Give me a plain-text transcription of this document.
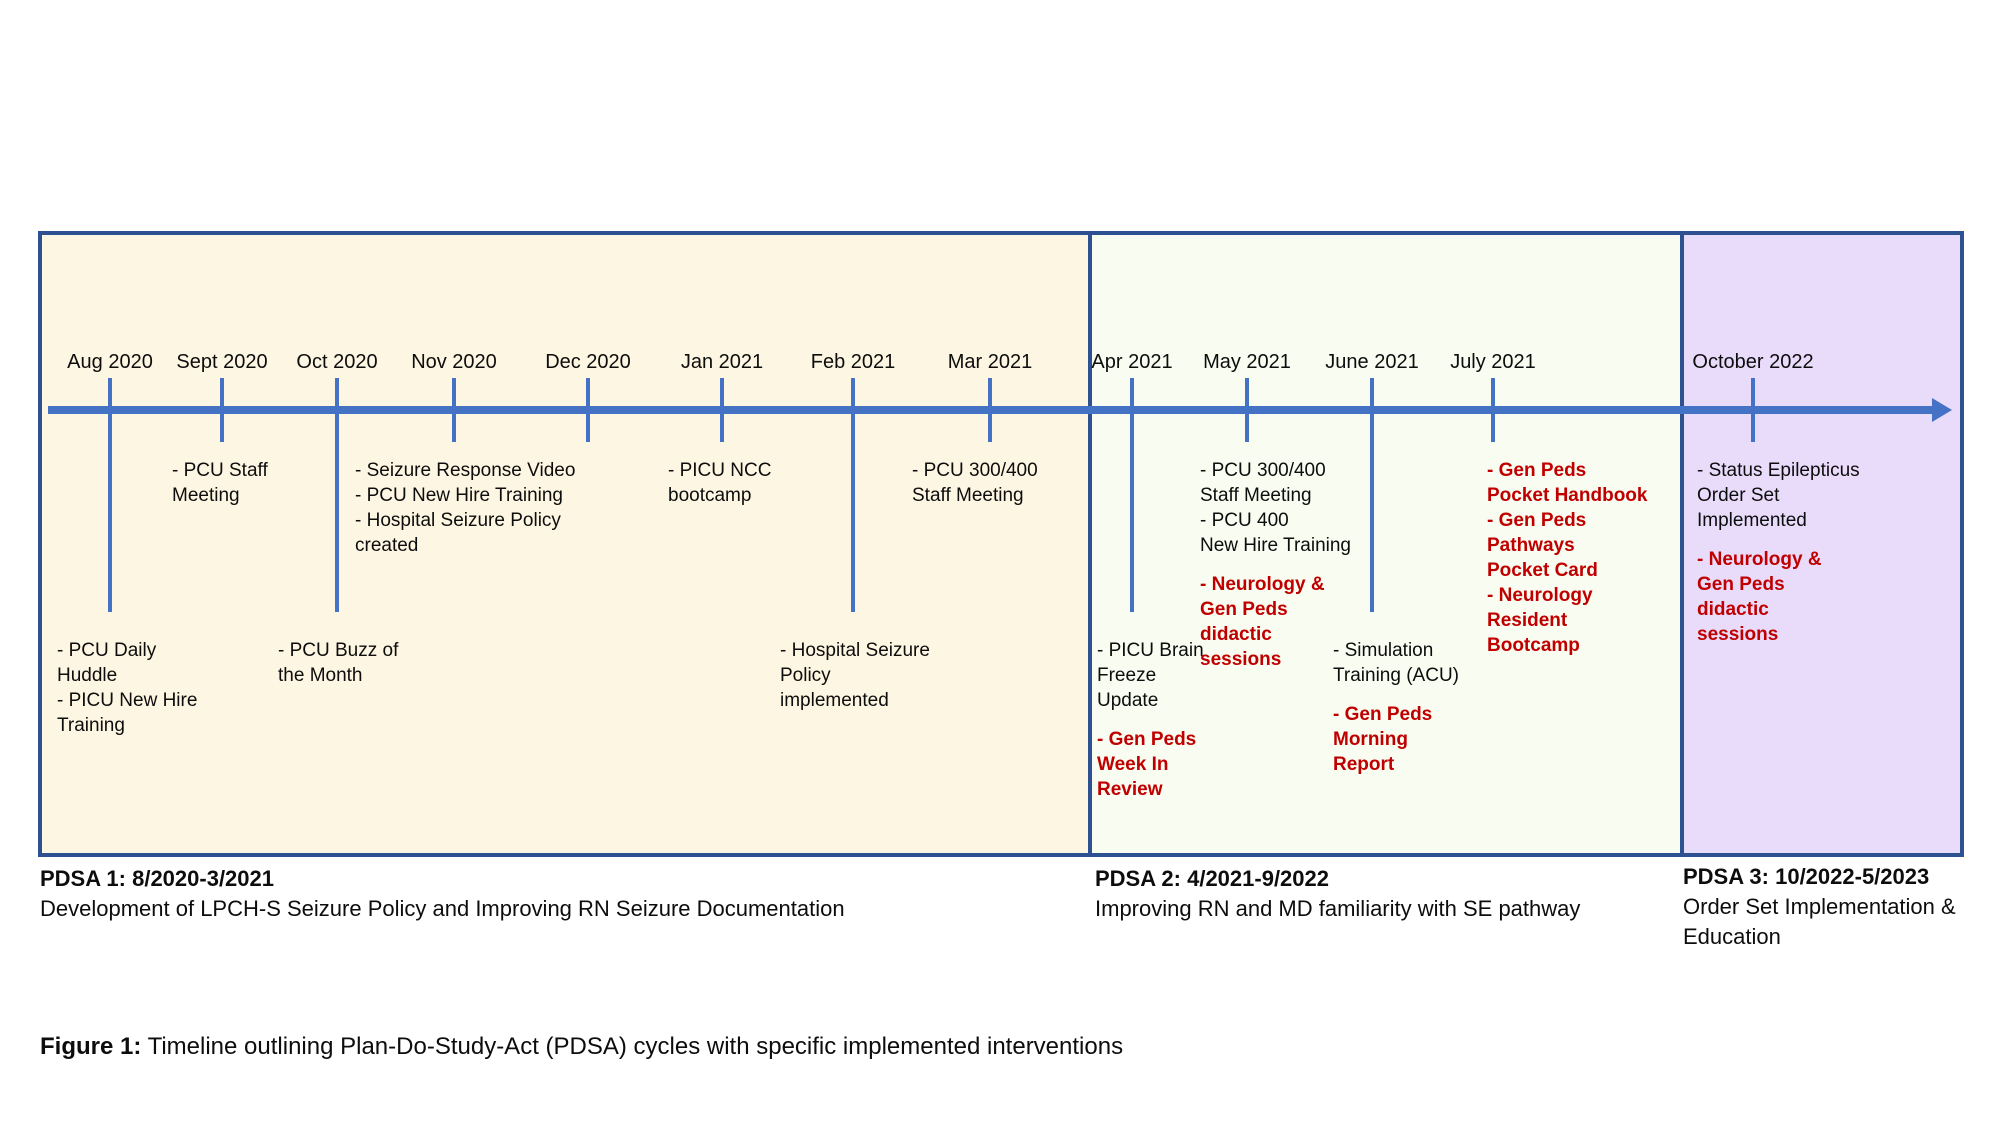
Aug 2020
- PCU Daily
Huddle
- PICU New Hire
Training
Sept 2020
- PCU Staff
Meeting
Oct 2020
- PCU Buzz of
the Month
Nov 2020
- Seizure Response Video
- PCU New Hire Training
- Hospital Seizure Policy
created
Dec 2020	Jan 2021
- PICU NCC
bootcamp
Feb 2021
- Hospital Seizure
Policy
implemented
Mar 2021
- PCU 300/400
Staff Meeting
Apr 2021
- PICU Brain
Freeze
Update
- Gen Peds
Week In
Review
May 2021
- PCU 300/400
Staff Meeting
- PCU 400
New Hire Training
- Neurology &
Gen Peds
didactic
sessions
June 2021
- Simulation
Training (ACU)
- Gen Peds
Morning
Report
July 2021
- Gen Peds
Pocket Handbook
- Gen Peds
Pathways
Pocket Card
- Neurology
Resident
Bootcamp
October 2022
- Status Epilepticus
Order Set
Implemented
- Neurology &
Gen Peds
didactic
sessions
PDSA 1: 8/2020-3/2021
Development of LPCH-S Seizure Policy and Improving RN Seizure Documentation
PDSA 2: 4/2021-9/2022
Improving RN and MD familiarity with SE pathway
PDSA 3: 10/2022-5/2023
Order Set Implementation & Education
Figure 1: Timeline outlining Plan-Do-Study-Act (PDSA) cycles with specific implemented interventions
